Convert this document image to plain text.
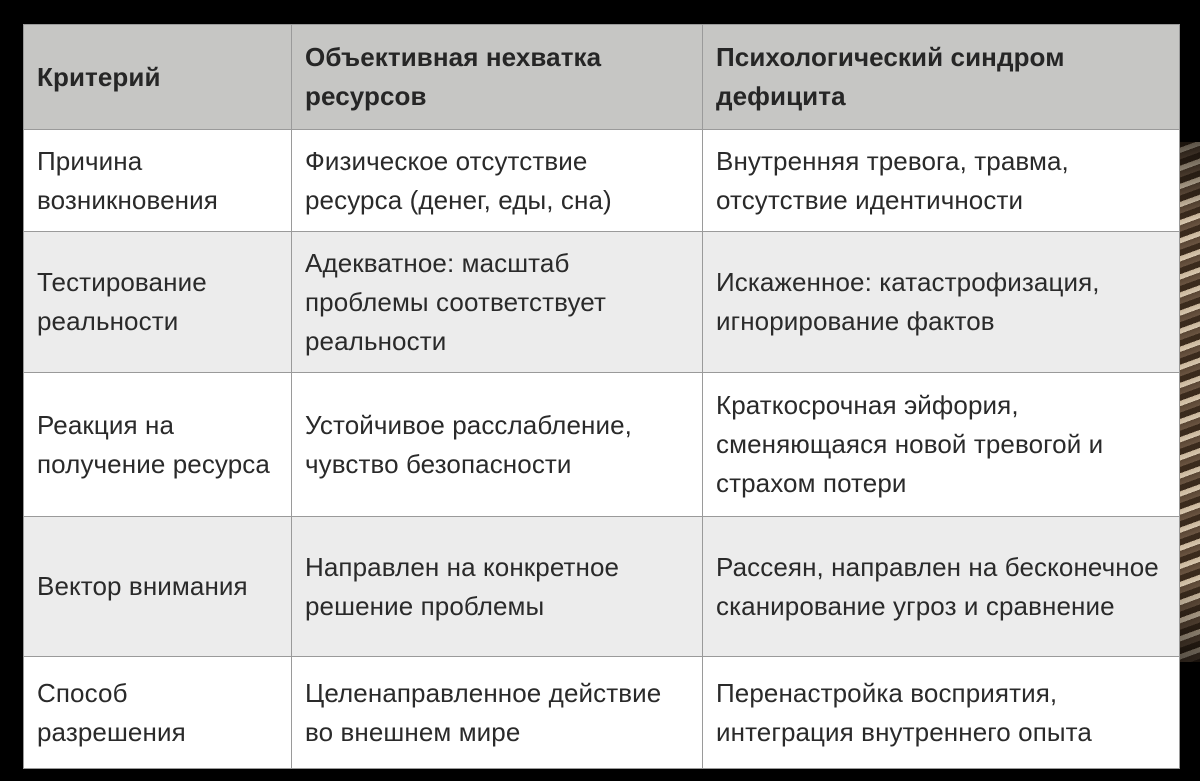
Критерий	Объективная нехватка ресурсов	Психологический синдром дефицита
Причина возникновения	Физическое отсутствие ресурса (денег, еды, сна)	Внутренняя тревога, травма, отсутствие идентичности
Тестирование реальности	Адекватное: масштаб проблемы соответствует реальности	Искаженное: катастрофизация, игнорирование фактов
Реакция на получение ресурса	Устойчивое расслабление, чувство безопасности	Краткосрочная эйфория, сменяющаяся новой тревогой и страхом потери
Вектор внимания	Направлен на конкретное решение проблемы	Рассеян, направлен на бесконечное сканирование угроз и сравнение
Способ разрешения	Целенаправленное действие во внешнем мире	Перенастройка восприятия, интеграция внутреннего опыта
